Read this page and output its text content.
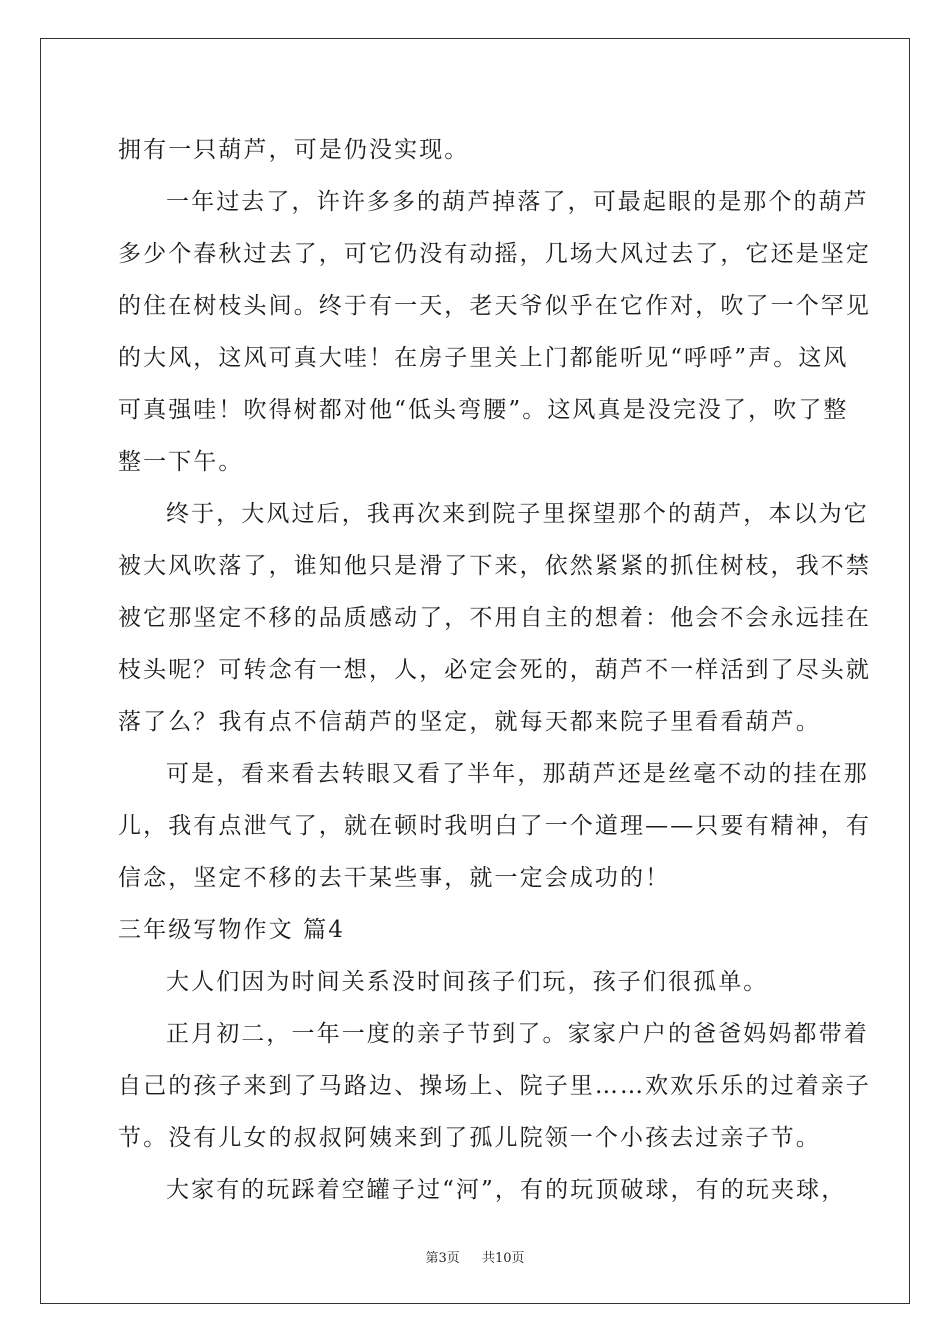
拥有一只葫芦，可是仍没实现。
一年过去了，许许多多的葫芦掉落了，可最起眼的是那个的葫芦
多少个春秋过去了，可它仍没有动摇，几场大风过去了，它还是坚定
的住在树枝头间。终于有一天，老天爷似乎在它作对，吹了一个罕见
的大风，这风可真大哇！在房子里关上门都能听见“呼呼”声。这风
可真强哇！吹得树都对他“低头弯腰”。这风真是没完没了，吹了整
整一下午。
终于，大风过后，我再次来到院子里探望那个的葫芦，本以为它
被大风吹落了，谁知他只是滑了下来，依然紧紧的抓住树枝，我不禁
被它那坚定不移的品质感动了，不用自主的想着：他会不会永远挂在
枝头呢？可转念有一想，人，必定会死的，葫芦不一样活到了尽头就
落了么？我有点不信葫芦的坚定，就每天都来院子里看看葫芦。
可是，看来看去转眼又看了半年，那葫芦还是丝毫不动的挂在那
儿，我有点泄气了，就在顿时我明白了一个道理——只要有精神，有
信念，坚定不移的去干某些事，就一定会成功的！
三年级写物作文 篇4
大人们因为时间关系没时间孩子们玩，孩子们很孤单。
正月初二，一年一度的亲子节到了。家家户户的爸爸妈妈都带着
自己的孩子来到了马路边、操场上、院子里……欢欢乐乐的过着亲子
节。没有儿女的叔叔阿姨来到了孤儿院领一个小孩去过亲子节。
大家有的玩踩着空罐子过“河”，有的玩顶破球，有的玩夹球，
第3页 共10页
